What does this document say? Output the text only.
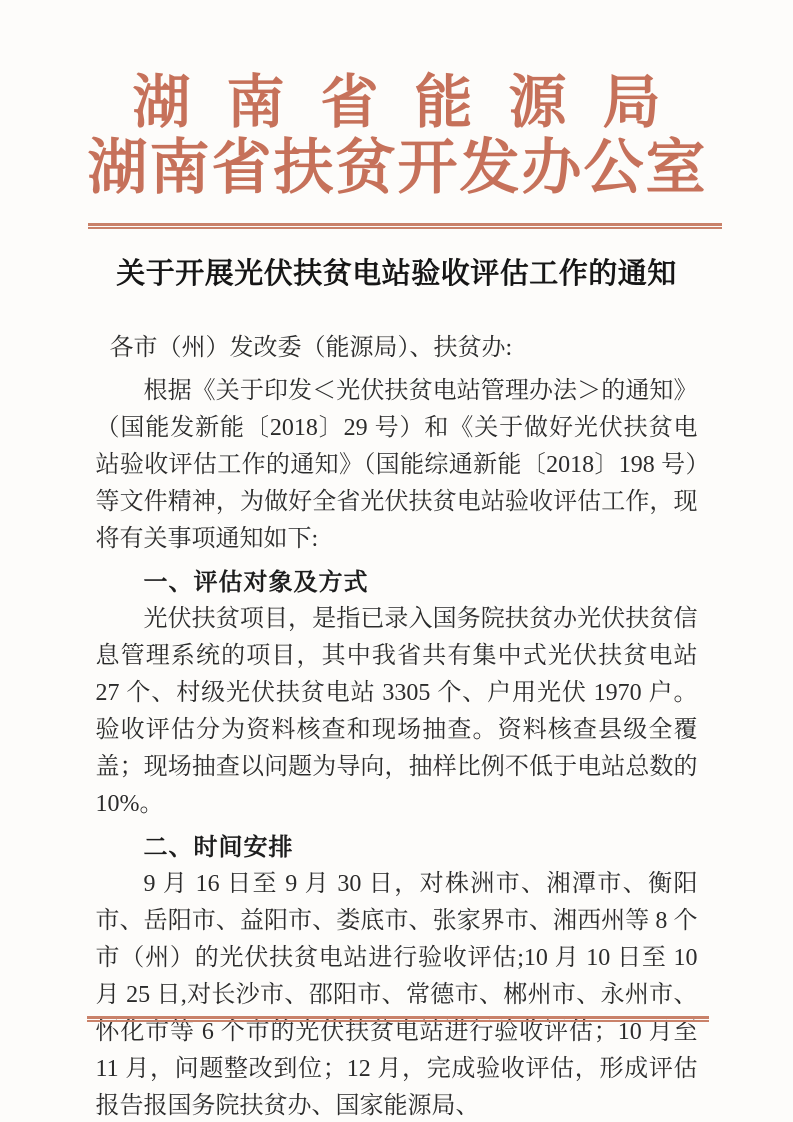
湖南省能源局
湖南省扶贫开发办公室
关于开展光伏扶贫电站验收评估工作的通知
各市（州）发改委（能源局）、扶贫办:

根据《关于印发＜光伏扶贫电站管理办法＞的通知》（国能发新能〔2018〕29 号）和《关于做好光伏扶贫电站验收评估工作的通知》（国能综通新能〔2018〕198 号）等文件精神，为做好全省光伏扶贫电站验收评估工作，现将有关事项通知如下:

一、评估对象及方式

光伏扶贫项目，是指已录入国务院扶贫办光伏扶贫信息管理系统的项目，其中我省共有集中式光伏扶贫电站 27 个、村级光伏扶贫电站 3305 个、户用光伏 1970 户。验收评估分为资料核查和现场抽查。资料核查县级全覆盖；现场抽查以问题为导向，抽样比例不低于电站总数的 10%。

二、时间安排

9 月 16 日至 9 月 30 日，对株洲市、湘潭市、衡阳市、岳阳市、益阳市、娄底市、张家界市、湘西州等 8 个市（州）的光伏扶贫电站进行验收评估;10 月 10 日至 10 月 25 日,对长沙市、邵阳市、常德市、郴州市、永州市、怀化市等 6 个市的光伏扶贫电站进行验收评估；10 月至 11 月，问题整改到位；12 月，完成验收评估，形成评估报告报国务院扶贫办、国家能源局、
